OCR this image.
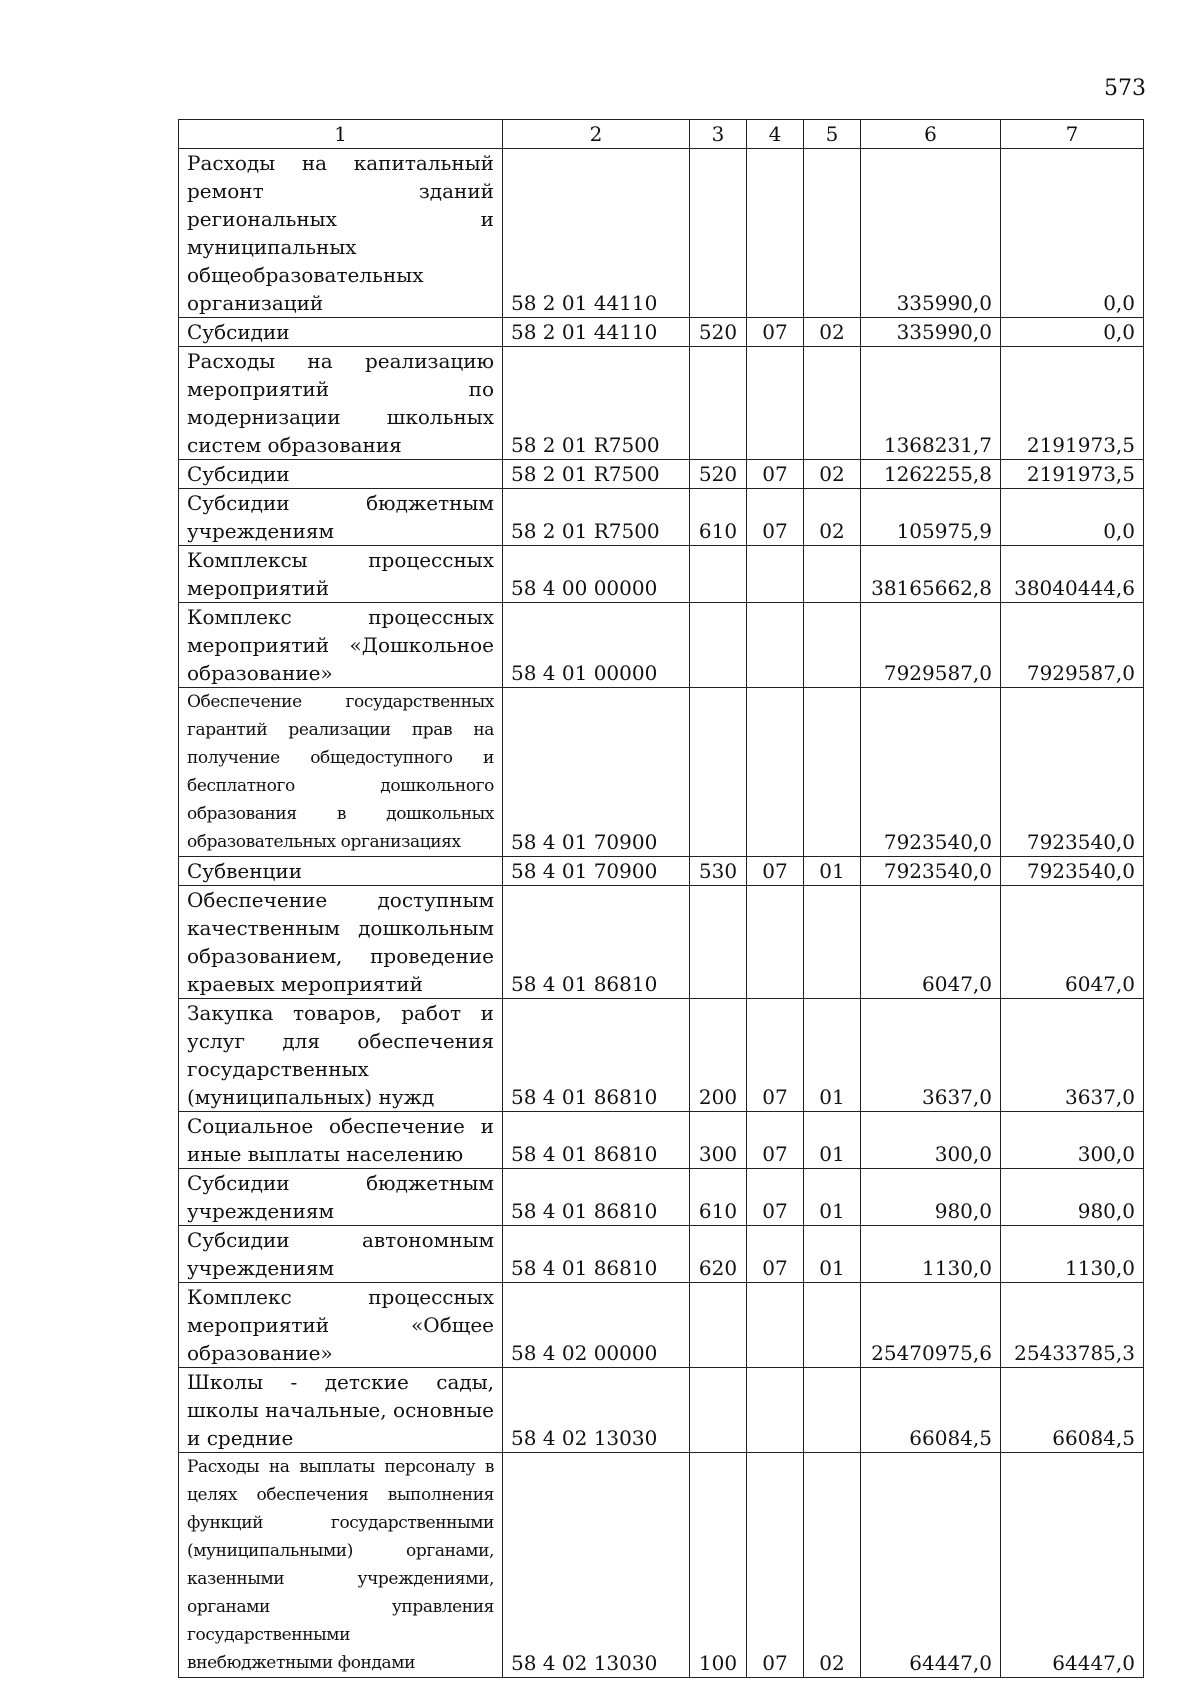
573
1	2	3	4	5	6	7
Расходы на капитальный ремонт зданий региональных и муниципальных общеобразовательных организаций	58 2 01 44110				335990,0	0,0
Субсидии	58 2 01 44110	520	07	02	335990,0	0,0
Расходы на реализацию мероприятий по модернизации школьных систем образования	58 2 01 R7500				1368231,7	2191973,5
Субсидии	58 2 01 R7500	520	07	02	1262255,8	2191973,5
Субсидии бюджетным учреждениям	58 2 01 R7500	610	07	02	105975,9	0,0
Комплексы процессных мероприятий	58 4 00 00000				38165662,8	38040444,6
Комплекс процессных мероприятий «Дошкольное образование»	58 4 01 00000				7929587,0	7929587,0
Обеспечение государственных гарантий реализации прав на получение общедоступного и бесплатного дошкольного образования в дошкольных образовательных организациях	58 4 01 70900				7923540,0	7923540,0
Субвенции	58 4 01 70900	530	07	01	7923540,0	7923540,0
Обеспечение доступным качественным дошкольным образованием, проведение краевых мероприятий	58 4 01 86810				6047,0	6047,0
Закупка товаров, работ и услуг для обеспечения государственных (муниципальных) нужд	58 4 01 86810	200	07	01	3637,0	3637,0
Социальное обеспечение и иные выплаты населению	58 4 01 86810	300	07	01	300,0	300,0
Субсидии бюджетным учреждениям	58 4 01 86810	610	07	01	980,0	980,0
Субсидии автономным учреждениям	58 4 01 86810	620	07	01	1130,0	1130,0
Комплекс процессных мероприятий «Общее образование»	58 4 02 00000				25470975,6	25433785,3
Школы - детские сады, школы начальные, основные и средние	58 4 02 13030				66084,5	66084,5
Расходы на выплаты персоналу в целях обеспечения выполнения функций государственными (муниципальными) органами, казенными учреждениями, органами управления государственными внебюджетными фондами	58 4 02 13030	100	07	02	64447,0	64447,0
